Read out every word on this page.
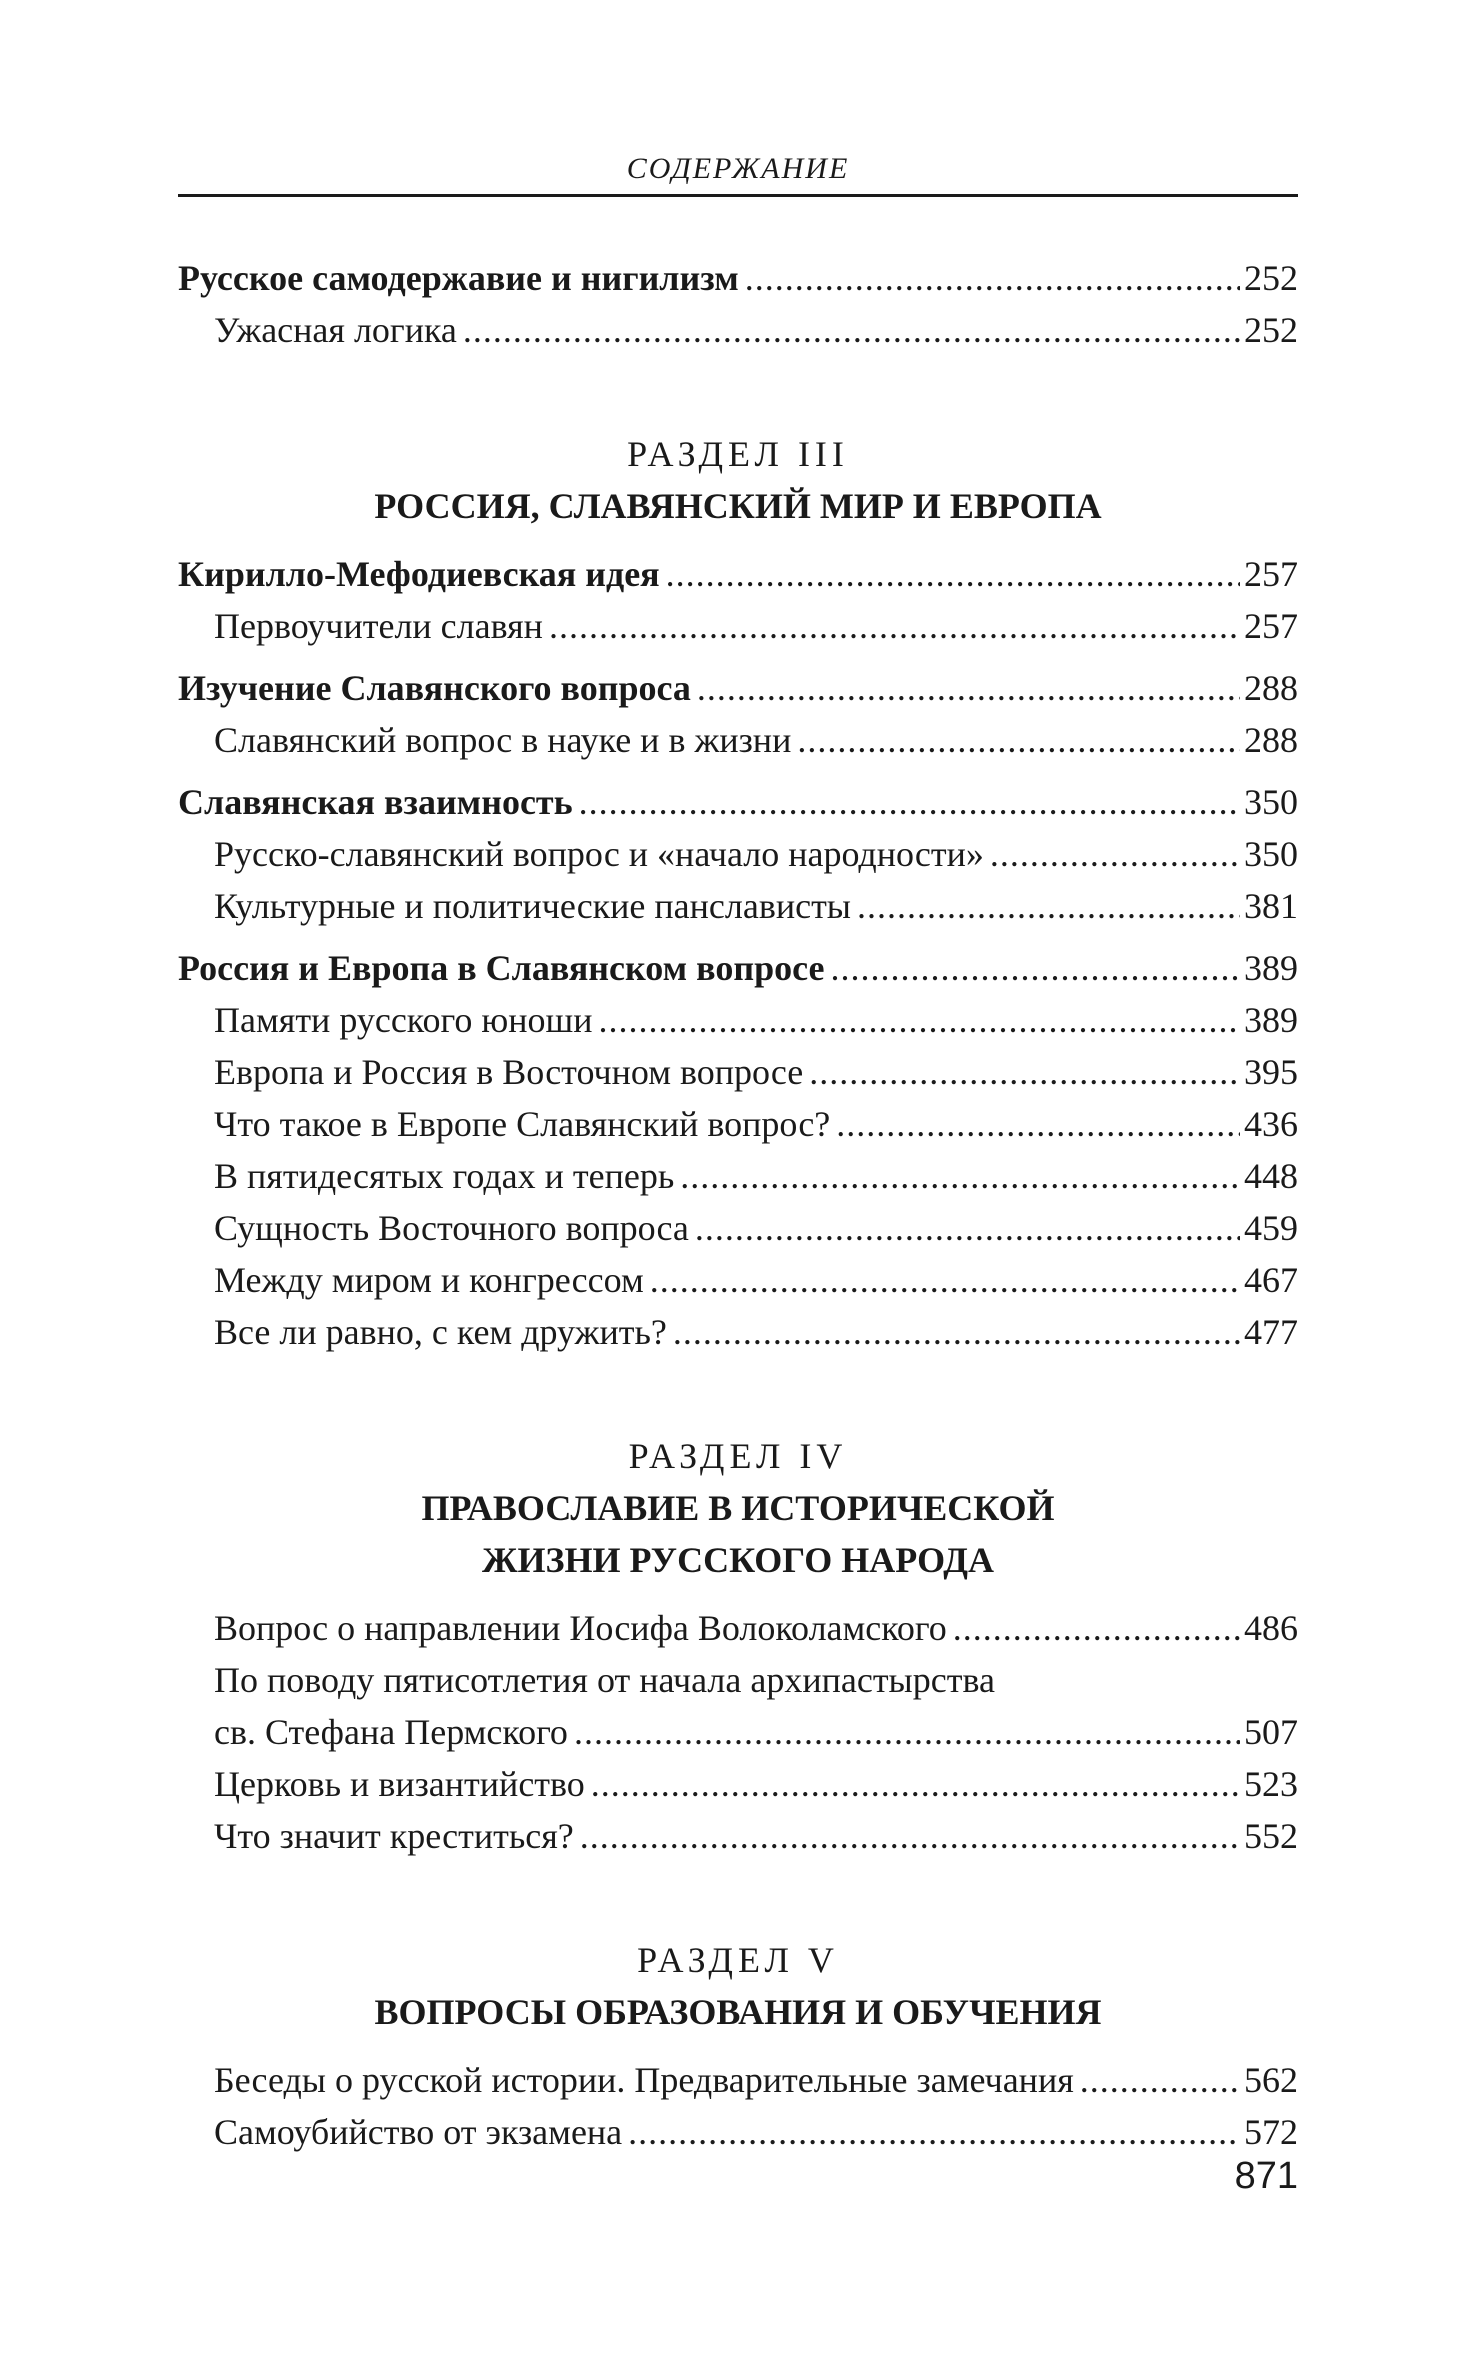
СОДЕРЖАНИЕ
Русское самодержавие и нигилизм .....	252
Ужасная логика .....	252
РАЗДЕЛ III
РОССИЯ, СЛАВЯНСКИЙ МИР И ЕВРОПА
Кирилло-Мефодиевская идея .....	257
Первоучители славян .....	257
Изучение Славянского вопроса .....	288
Славянский вопрос в науке и в жизни .....	288
Славянская взаимность .....	350
Русско-славянский вопрос и «начало народности» .....	350
Культурные и политические панслависты .....	381
Россия и Европа в Славянском вопросе .....	389
Памяти русского юноши .....	389
Европа и Россия в Восточном вопросе .....	395
Что такое в Европе Славянский вопрос? .....	436
В пятидесятых годах и теперь .....	448
Сущность Восточного вопроса .....	459
Между миром и конгрессом .....	467
Все ли равно, с кем дружить? .....	477
РАЗДЕЛ IV
ПРАВОСЛАВИЕ В ИСТОРИЧЕСКОЙ
ЖИЗНИ РУССКОГО НАРОДА
Вопрос о направлении Иосифа Волоколамского .....	486
По поводу пятисотлетия от начала архипастырства
св. Стефана Пермского .....	507
Церковь и византийство .....	523
Что значит креститься? .....	552
РАЗДЕЛ V
ВОПРОСЫ ОБРАЗОВАНИЯ И ОБУЧЕНИЯ
Беседы о русской истории. Предварительные замечания .....	562
Самоубийство от экзамена .....	572
871
